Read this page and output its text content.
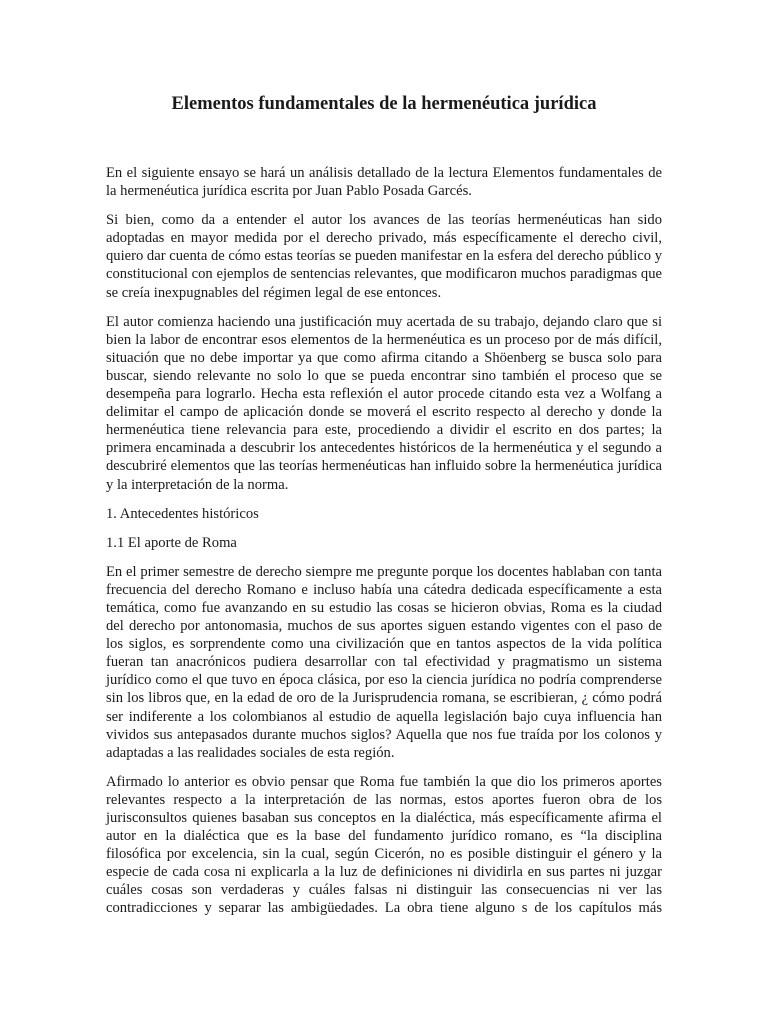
Elementos fundamentales de la hermenéutica jurídica

En el siguiente ensayo se hará un análisis detallado de la lectura Elementos fundamentales de la hermenéutica jurídica escrita por Juan Pablo Posada Garcés.

Si bien, como da a entender el autor los avances de las teorías hermenéuticas han sido adoptadas en mayor medida por el derecho privado, más específicamente el derecho civil, quiero dar cuenta de cómo estas teorías se pueden manifestar en la esfera del derecho público y constitucional con ejemplos de sentencias relevantes, que modificaron muchos paradigmas que se creía inexpugnables del régimen legal de ese entonces.

El autor comienza haciendo una justificación muy acertada de su trabajo, dejando claro que si bien la labor de encontrar esos elementos de la hermenéutica es un proceso por de más difícil, situación que no debe importar ya que como afirma citando a Shöenberg se busca solo para buscar, siendo relevante no solo lo que se pueda encontrar sino también el proceso que se desempeña para lograrlo. Hecha esta reflexión el autor procede citando esta vez a Wolfang a delimitar el campo de aplicación donde se moverá el escrito respecto al derecho y donde la hermenéutica tiene relevancia para este, procediendo a dividir el escrito en dos partes; la primera encaminada a descubrir los antecedentes históricos de la hermenéutica y el segundo a descubriré elementos que las teorías hermenéuticas han influido sobre la hermenéutica jurídica y la interpretación de la norma.

1. Antecedentes históricos

1.1 El aporte de Roma

En el primer semestre de derecho siempre me pregunte porque los docentes hablaban con tanta frecuencia del derecho Romano e incluso había una cátedra dedicada específicamente a esta temática, como fue avanzando en su estudio las cosas se hicieron obvias, Roma es la ciudad del derecho por antonomasia, muchos de sus aportes siguen estando vigentes con el paso de los siglos, es sorprendente como una civilización que en tantos aspectos de la vida política fueran tan anacrónicos pudiera desarrollar con tal efectividad y pragmatismo un sistema jurídico como el que tuvo en época clásica, por eso la ciencia jurídica no podría comprenderse sin los libros que, en la edad de oro de la Jurisprudencia romana, se escribieran, ¿ cómo podrá ser indiferente a los colombianos al estudio de aquella legislación bajo cuya influencia han vividos sus antepasados durante muchos siglos? Aquella que nos fue traída por los colonos y adaptadas a las realidades sociales de esta región.

Afirmado lo anterior es obvio pensar que Roma fue también la que dio los primeros aportes relevantes respecto a la interpretación de las normas, estos aportes fueron obra de los jurisconsultos quienes basaban sus conceptos en la dialéctica, más específicamente afirma el autor en la dialéctica que es la base del fundamento jurídico romano, es “la disciplina filosófica por excelencia, sin la cual, según Cicerón, no es posible distinguir el género y la especie de cada cosa ni explicarla a la luz de definiciones ni dividirla en sus partes ni juzgar cuáles cosas son verdaderas y cuáles falsas ni distinguir las consecuencias ni ver las contradicciones y separar las ambigüedades. La obra tiene alguno s de los capítulos más
